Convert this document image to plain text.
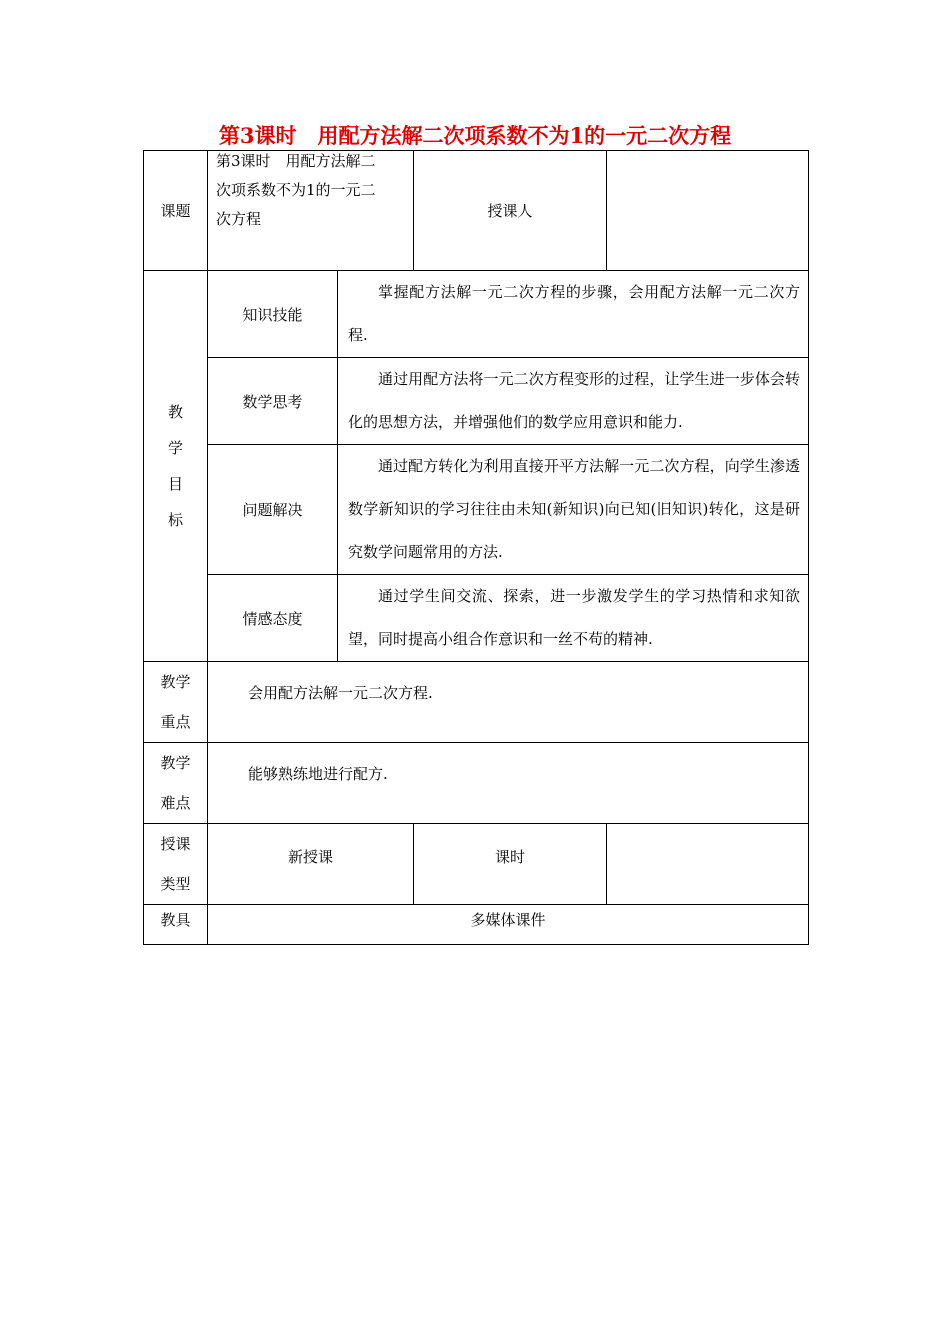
第3课时　用配方法解二次项系数不为1的一元二次方程
课题	第3课时　用配方法解二
次项系数不为1的一元二
次方程		授课人	

教
学
目
标	知识技能	掌握配方法解一元二次方程的步骤，会用配方法解一元二次方程.		
	数学思考	通过用配方法将一元二次方程变形的过程，让学生进一步体会转化的思想方法，并增强他们的数学应用意识和能力.		
	问题解决	通过配方转化为利用直接开平方法解一元二次方程，向学生渗透数学新知识的学习往往由未知(新知识)向已知(旧知识)转化，这是研究数学问题常用的方法.		
	情感态度	通过学生间交流、探索，进一步激发学生的学习热情和求知欲望，同时提高小组合作意识和一丝不苟的精神.		

教学
重点	会用配方法解一元二次方程.			

教学
难点	能够熟练地进行配方.			

授课
类型	新授课		课时	
教具	多媒体课件			
